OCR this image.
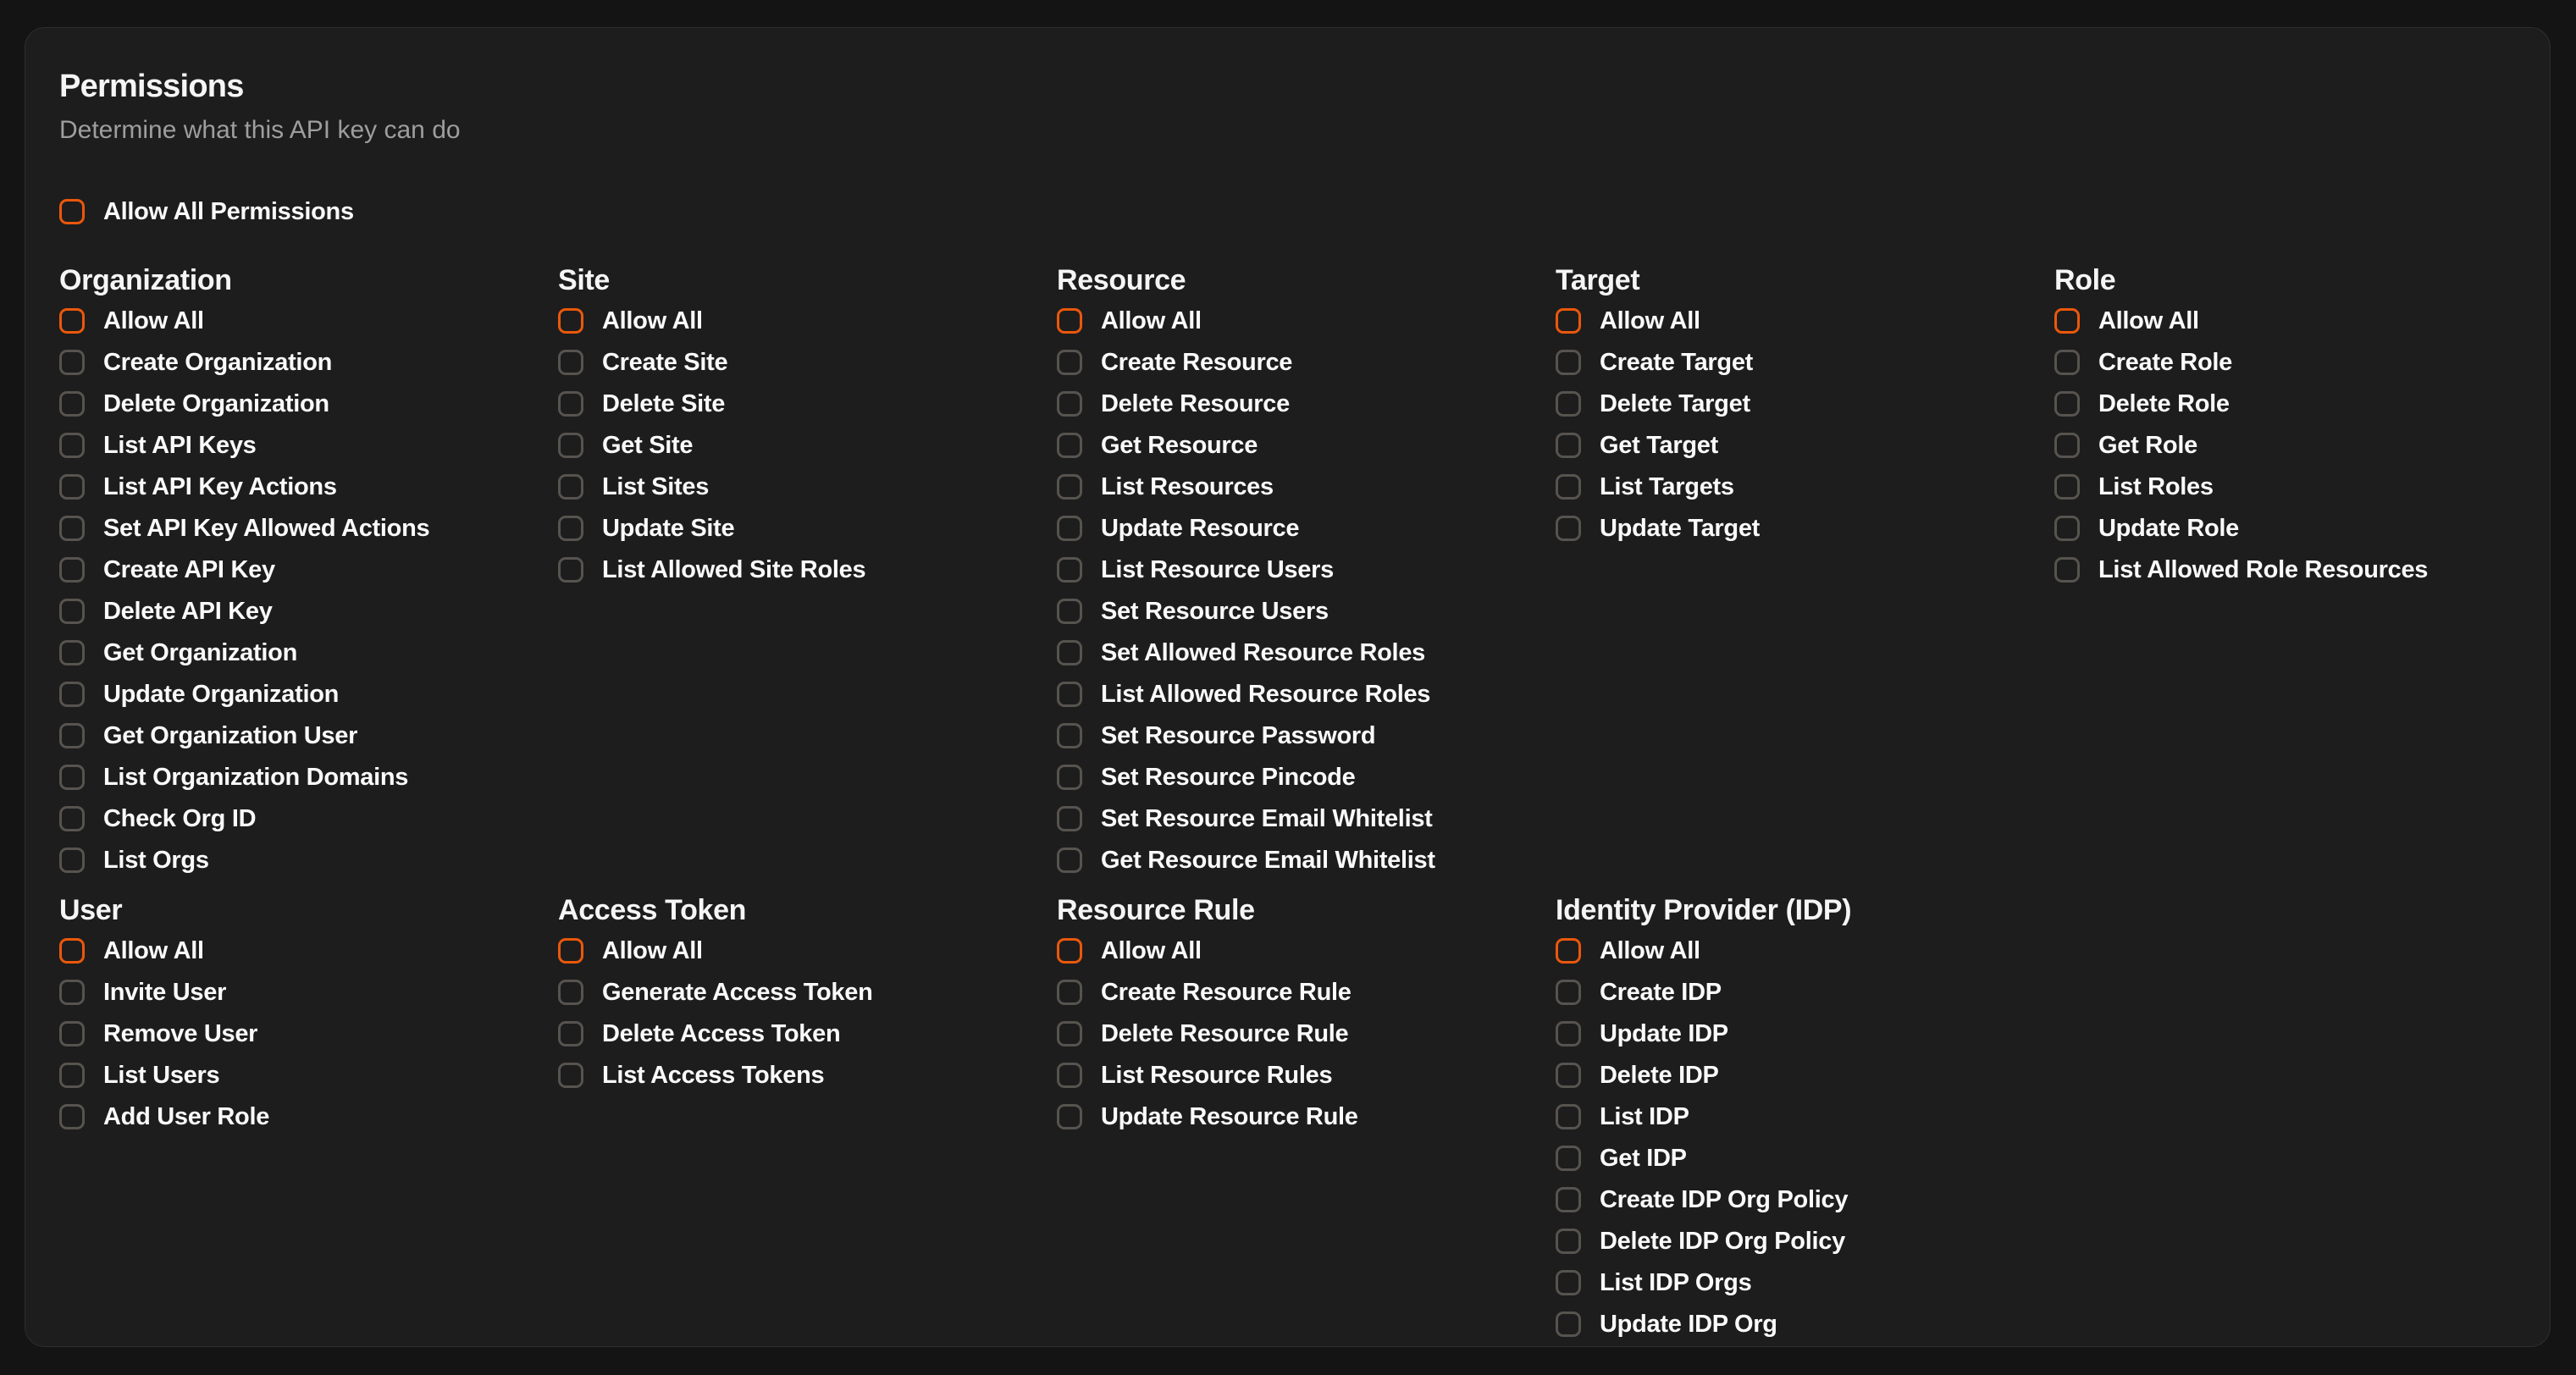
Permissions

Determine what this API key can do

Allow All Permissions
Organization
Allow All
Create Organization
Delete Organization
List API Keys
List API Key Actions
Set API Key Allowed Actions
Create API Key
Delete API Key
Get Organization
Update Organization
Get Organization User
List Organization Domains
Check Org ID
List Orgs
Site
Allow All
Create Site
Delete Site
Get Site
List Sites
Update Site
List Allowed Site Roles
Resource
Allow All
Create Resource
Delete Resource
Get Resource
List Resources
Update Resource
List Resource Users
Set Resource Users
Set Allowed Resource Roles
List Allowed Resource Roles
Set Resource Password
Set Resource Pincode
Set Resource Email Whitelist
Get Resource Email Whitelist
Target
Allow All
Create Target
Delete Target
Get Target
List Targets
Update Target
Role
Allow All
Create Role
Delete Role
Get Role
List Roles
Update Role
List Allowed Role Resources
User
Allow All
Invite User
Remove User
List Users
Add User Role
Access Token
Allow All
Generate Access Token
Delete Access Token
List Access Tokens
Resource Rule
Allow All
Create Resource Rule
Delete Resource Rule
List Resource Rules
Update Resource Rule
Identity Provider (IDP)
Allow All
Create IDP
Update IDP
Delete IDP
List IDP
Get IDP
Create IDP Org Policy
Delete IDP Org Policy
List IDP Orgs
Update IDP Org
